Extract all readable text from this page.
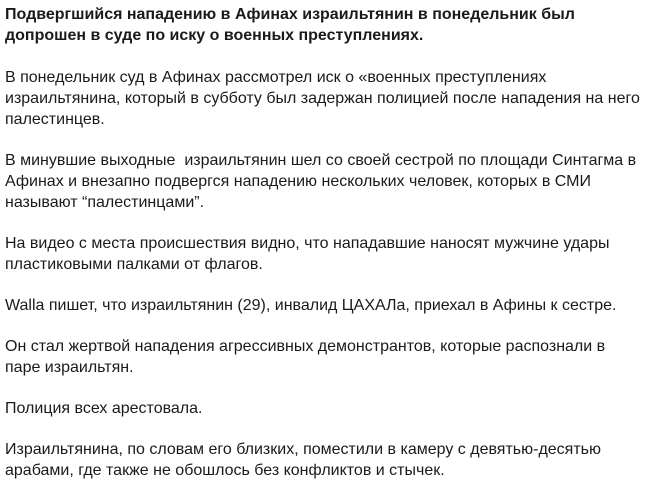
Подвергшийся нападению в Афинах израильтянин в понедельник был допрошен в суде по иску о военных преступлениях.

В понедельник суд в Афинах рассмотрел иск о «военных преступлениях израильтянина, который в субботу был задержан полицией после нападения на него палестинцев.

В минувшие выходные  израильтянин шел со своей сестрой по площади Синтагма в Афинах и внезапно подвергся нападению нескольких человек, которых в СМИ называют “палестинцами”.

На видео с места происшествия видно, что нападавшие наносят мужчине удары пластиковыми палками от флагов.

Walla пишет, что израильтянин (29), инвалид ЦАХАЛа, приехал в Афины к сестре.

Он стал жертвой нападения агрессивных демонстрантов, которые распознали в паре израильтян.

Полиция всех арестовала.

Израильтянина, по словам его близких, поместили в камеру с девятью-десятью арабами, где также не обошлось без конфликтов и стычек.
